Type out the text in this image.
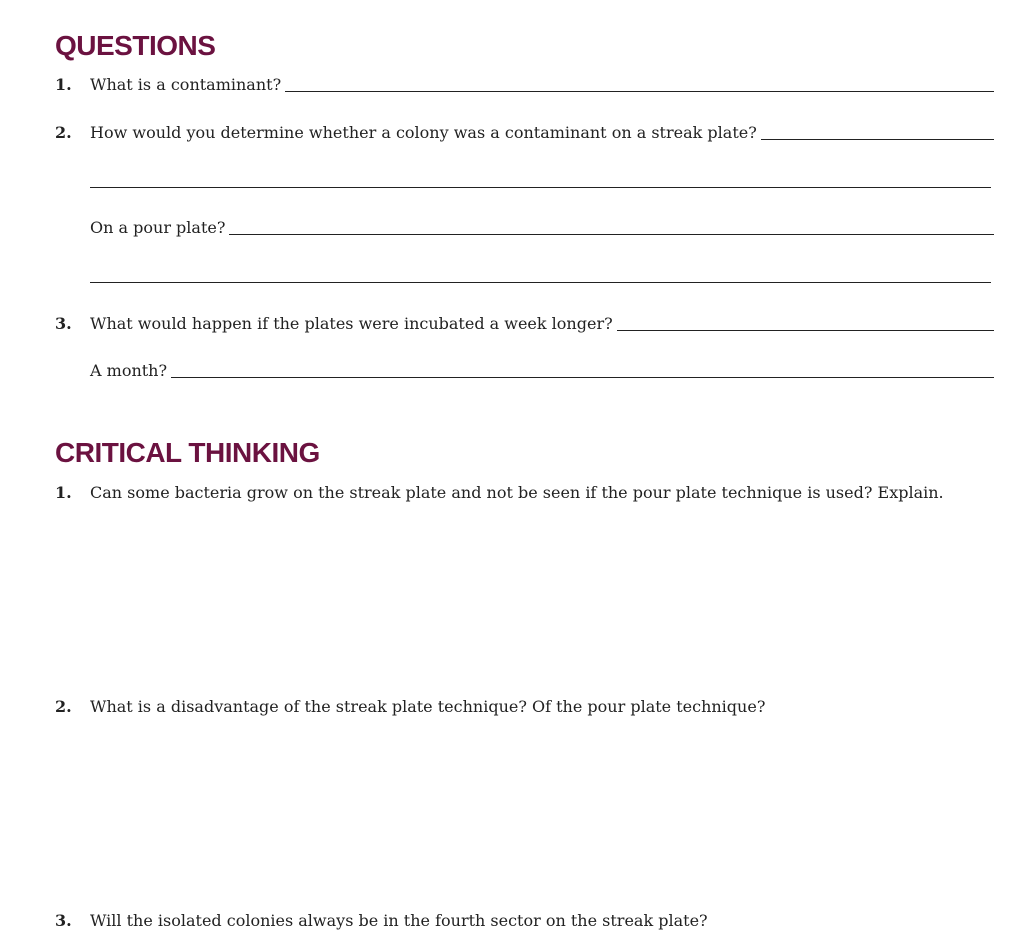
QUESTIONS
1. What is a contaminant?
2. How would you determine whether a colony was a contaminant on a streak plate?
On a pour plate?
3. What would happen if the plates were incubated a week longer?
A month?
CRITICAL THINKING
1. Can some bacteria grow on the streak plate and not be seen if the pour plate technique is used? Explain.
2. What is a disadvantage of the streak plate technique? Of the pour plate technique?
3. Will the isolated colonies always be in the fourth sector on the streak plate?
